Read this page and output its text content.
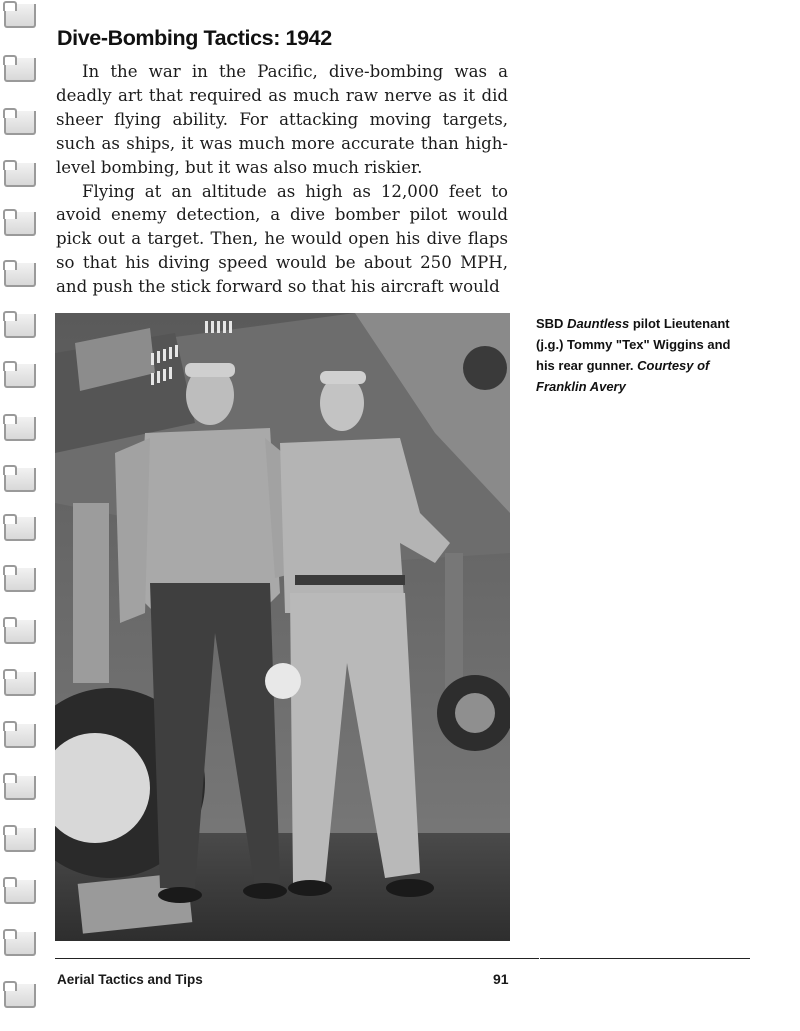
Dive-Bombing Tactics: 1942

In the war in the Pacific, dive-bombing was a deadly art that required as much raw nerve as it did sheer flying ability. For attacking moving targets, such as ships, it was much more accurate than high-level bombing, but it was also much riskier.

Flying at an altitude as high as 12,000 feet to avoid enemy detection, a dive bomber pilot would pick out a target. Then, he would open his dive flaps so that his diving speed would be about 250 MPH, and push the stick forward so that his aircraft would

SBD Dauntless pilot Lieutenant (j.g.) Tommy "Tex" Wiggins and his rear gunner. Courtesy of Franklin Avery
Aerial Tactics and Tips	91
